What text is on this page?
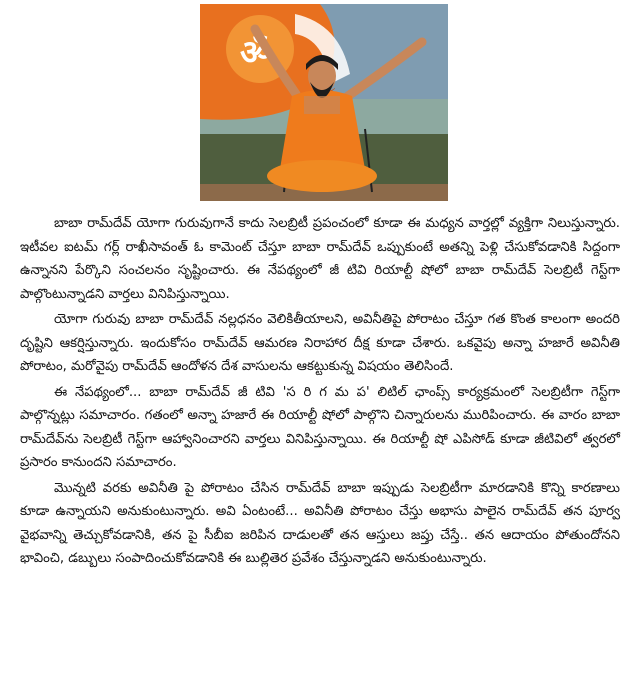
ॐ

బాబా రామ్‌దేవ్ యోగా గురువుగానే కాదు సెలబ్రిటీ ప్రపంచంలో కూడా ఈ మధ్యన వార్తల్లో వ్యక్తిగా నిలుస్తున్నారు. ఇటీవల ఐటమ్ గర్ల్ రాఖీసావంత్ ఓ కామెంట్ చేస్తూ బాబా రామ్‌దేవ్ ఒప్పుకుంటే అతన్ని పెళ్లి చేసుకోవడానికి సిద్దంగా ఉన్నానని పేర్కొని సంచలనం సృష్టించారు. ఈ నేపథ్యంలో జీ టివి రియాల్టీ షోలో బాబా రామ్‌దేవ్ సెలబ్రిటీ గెస్ట్‌గా పాల్గొంటున్నాడని వార్తలు వినిపిస్తున్నాయి.

యోగా గురువు బాబా రామ్‌దేవ్ నల్లధనం వెలికితీయాలని, అవినీతిపై పోరాటం చేస్తూ గత కొంత కాలంగా అందరి దృష్టిని ఆకర్షిస్తున్నారు. ఇందుకోసం రామ్‌దేవ్ ఆమరణ నిరాహార దీక్ష కూడా చేశారు. ఒకవైపు అన్నా హజారే అవినీతి పోరాటం, మరోవైపు రామ్‌దేవ్ ఆందోళన దేశ వాసులను ఆకట్టుకున్న విషయం తెలిసిందే.

ఈ నేపథ్యంలో... బాబా రామ్‌దేవ్ జీ టివి 'స రి గ మ ప' లిటిల్ ఛాంప్స్ కార్యక్రమంలో సెలబ్రిటీగా గెస్ట్‌గా పాల్గొన్నట్లు సమాచారం. గతంలో అన్నా హజారే ఈ రియాల్టీ షోలో పాల్గొని చిన్నారులను మురిపించారు. ఈ వారం బాబా రామ్‌దేవ్‌ను సెలబ్రిటీ గెస్ట్‌గా ఆహ్వానించారని వార్తలు వినిపిస్తున్నాయి. ఈ రియాల్టీ షో ఎపిసోడ్ కూడా జీటివిలో త్వరలో ప్రసారం కానుందని సమాచారం.

మొన్నటి వరకు అవినీతి పై పోరాటం చేసిన రామ్‌దేవ్ బాబా ఇప్పుడు సెలబ్రిటీగా మారడానికి కొన్ని కారణాలు కూడా ఉన్నాయని అనుకుంటున్నారు. అవి ఏంటంటే... అవినీతి పోరాటం చేస్తు అభాసు పాలైన రామ్‌దేవ్ తన పూర్వ వైభవాన్ని తెచ్చుకోవడానికి, తన పై సీబీఐ జరిపిన దాడులతో తన ఆస్తులు జప్తు చేస్తే.. తన ఆదాయం పోతుందోనని భావించి, డబ్బులు సంపాదించుకోవడానికి ఈ బుల్లితెర ప్రవేశం చేస్తున్నాడని అనుకుంటున్నారు.
